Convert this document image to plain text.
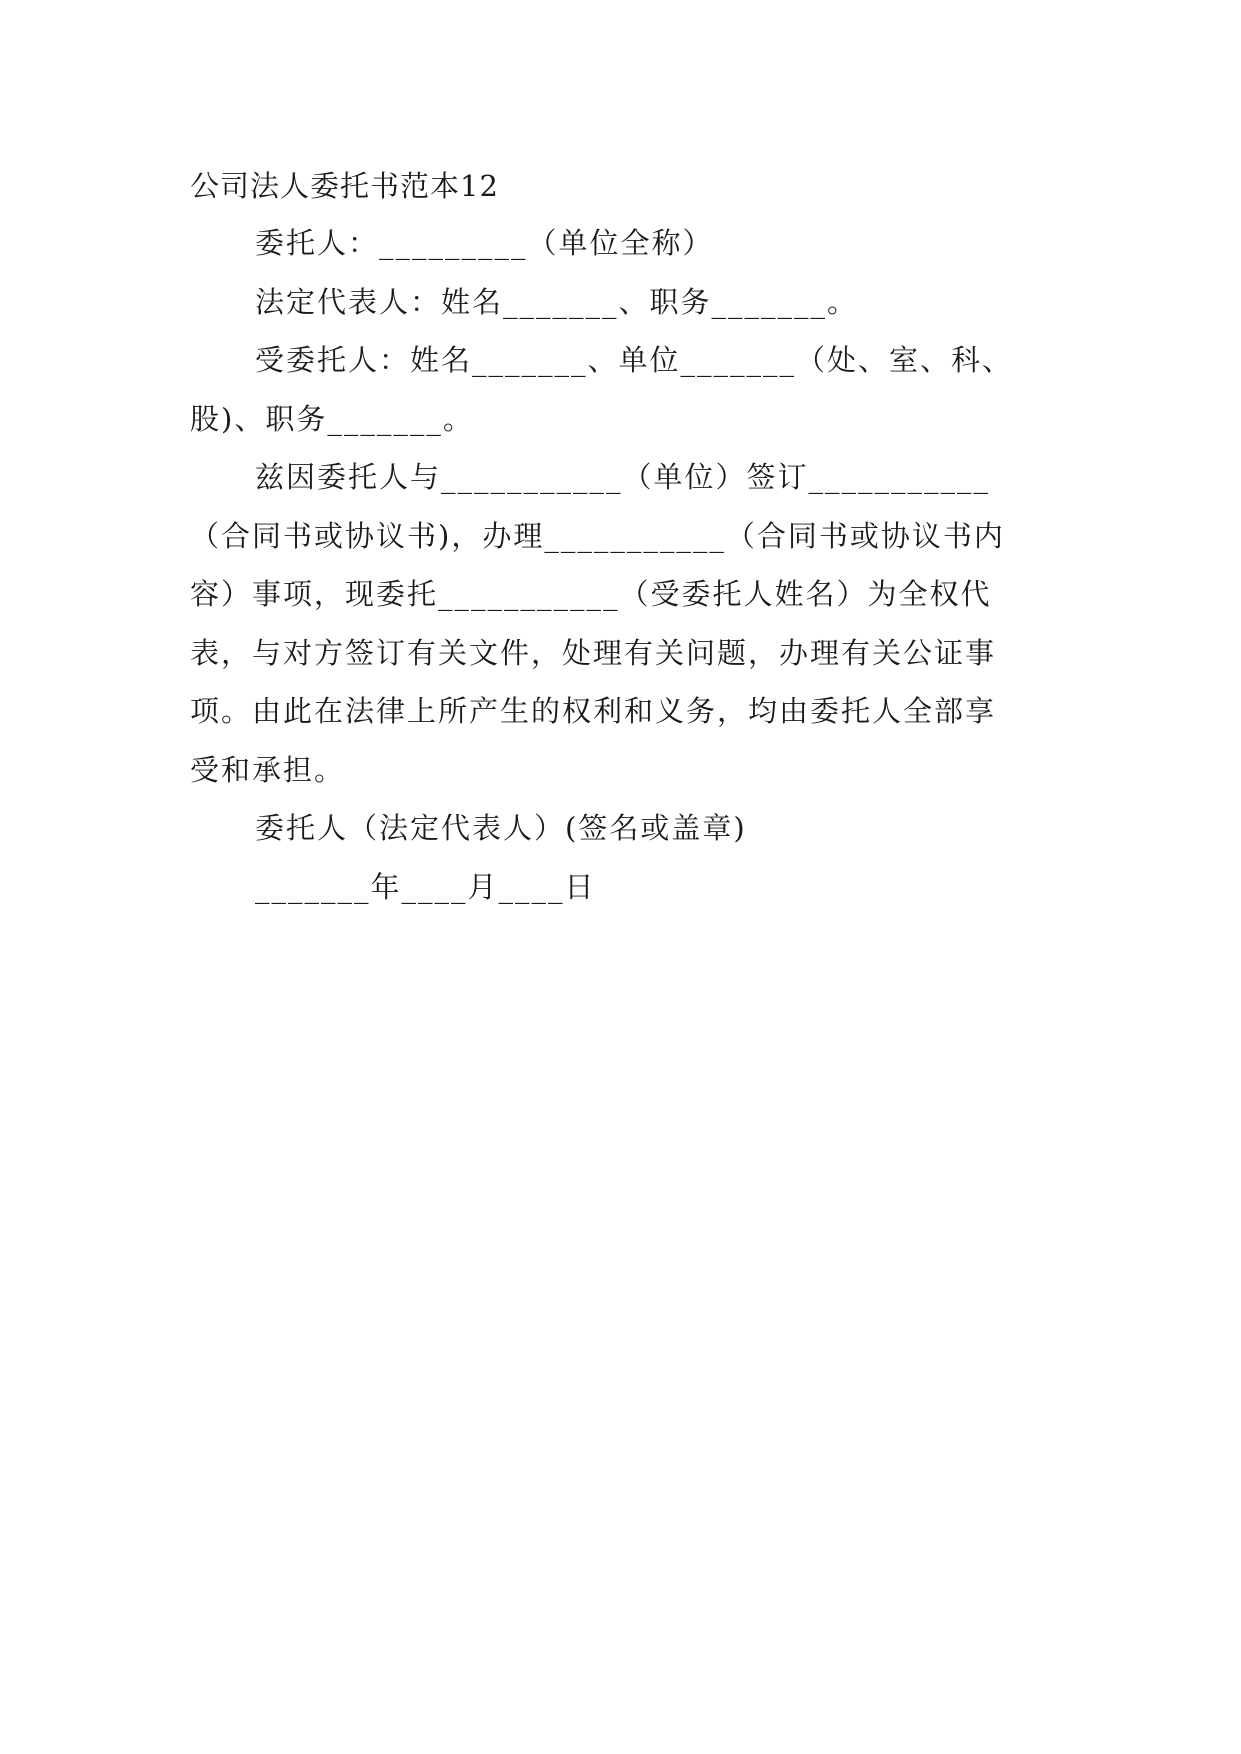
公司法人委托书范本12
委托人：_________（单位全称）
法定代表人：姓名_______、职务_______。
受委托人：姓名_______、单位_______（处、室、科、
股)、职务_______。
兹因委托人与___________（单位）签订___________
（合同书或协议书)，办理___________（合同书或协议书内
容）事项，现委托___________（受委托人姓名）为全权代
表，与对方签订有关文件，处理有关问题，办理有关公证事
项。由此在法律上所产生的权利和义务，均由委托人全部享
受和承担。
委托人（法定代表人）(签名或盖章)
_______年____月____日
